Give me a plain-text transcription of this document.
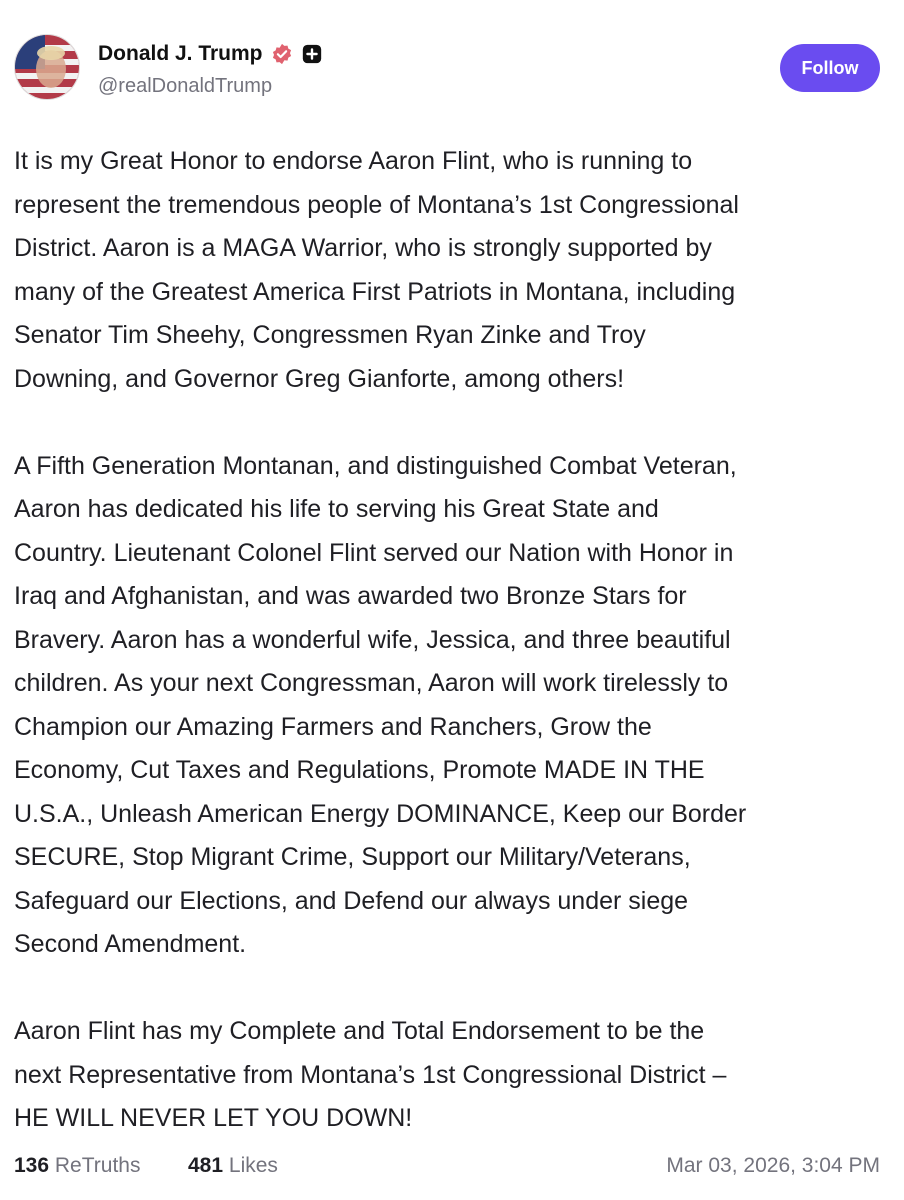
Donald J. Trump
@realDonaldTrump
Follow

It is my Great Honor to endorse Aaron Flint, who is running to
represent the tremendous people of Montana’s 1st Congressional
District. Aaron is a MAGA Warrior, who is strongly supported by
many of the Greatest America First Patriots in Montana, including
Senator Tim Sheehy, Congressmen Ryan Zinke and Troy
Downing, and Governor Greg Gianforte, among others!

A Fifth Generation Montanan, and distinguished Combat Veteran,
Aaron has dedicated his life to serving his Great State and
Country. Lieutenant Colonel Flint served our Nation with Honor in
Iraq and Afghanistan, and was awarded two Bronze Stars for
Bravery. Aaron has a wonderful wife, Jessica, and three beautiful
children. As your next Congressman, Aaron will work tirelessly to
Champion our Amazing Farmers and Ranchers, Grow the
Economy, Cut Taxes and Regulations, Promote MADE IN THE
U.S.A., Unleash American Energy DOMINANCE, Keep our Border
SECURE, Stop Migrant Crime, Support our Military/Veterans,
Safeguard our Elections, and Defend our always under siege
Second Amendment.

Aaron Flint has my Complete and Total Endorsement to be the
next Representative from Montana’s 1st Congressional District –
HE WILL NEVER LET YOU DOWN!

136 ReTruths 481 Likes	Mar 03, 2026, 3:04 PM
